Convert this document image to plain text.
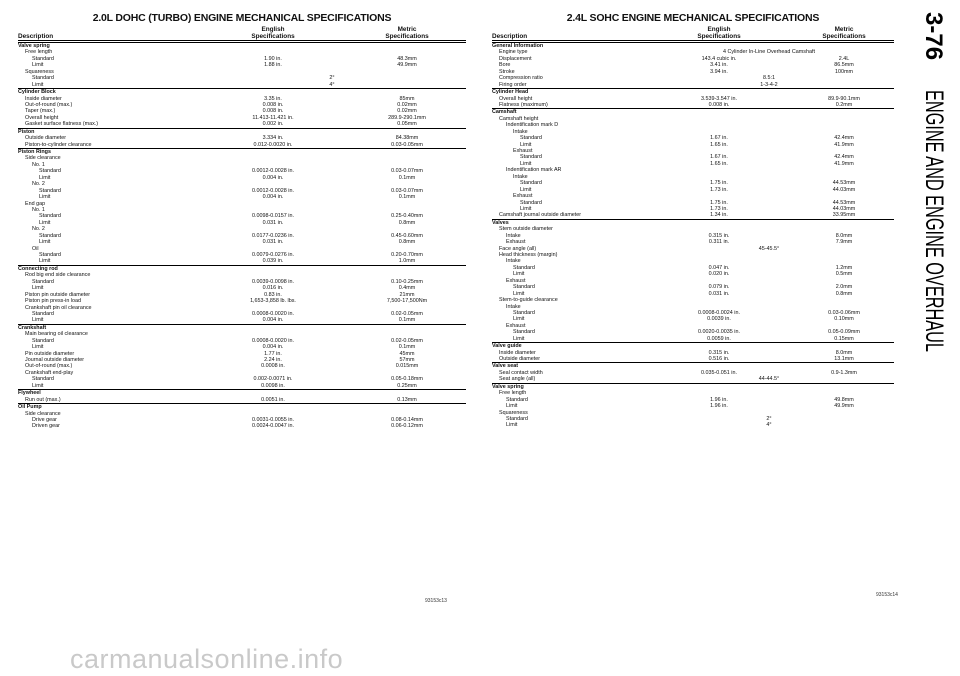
2.0L DOHC (TURBO) ENGINE MECHANICAL SPECIFICATIONS
Description
English
Specifications
Metric
Specifications
Valve spring
Free length
Standard	1.90 in.	48.3mm
Limit	1.88 in.	49.9mm
Squareness
Standard	2°
Limit	4°
Cylinder Block
Inside diameter	3.35 in.	85mm
Out-of-round (max.)	0.008 in.	0.02mm
Taper (max.)	0.008 in.	0.02mm
Overall height	11.413-11.421 in.	289.9-290.1mm
Gasket surface flatness (max.)	0.002 in.	0.05mm
Piston
Outside diameter	3.334 in.	84.38mm
Piston-to-cylinder clearance	0.012-0.0020 in.	0.03-0.05mm
Piston Rings
Side clearance
No. 1
Standard	0.0012-0.0028 in.	0.03-0.07mm
Limit	0.004 in.	0.1mm
No. 2
Standard	0.0012-0.0028 in.	0.03-0.07mm
Limit	0.004 in.	0.1mm
End gap
No. 1
Standard	0.0098-0.0157 in.	0.25-0.40mm
Limit	0.031 in.	0.8mm
No. 2
Standard	0.0177-0.0236 in.	0.45-0.60mm
Limit	0.031 in.	0.8mm
Oil
Standard	0.0079-0.0276 in.	0.20-0.70mm
Limit	0.039 in.	1.0mm
Connecting rod
Rod big end side clearance
Standard	0.0039-0.0098 in.	0.10-0.25mm
Limit	0.016 in.	0.4mm
Piston pin outside diameter	0.83 in.	21mm
Piston pin press-in load	1,653-3,858 lb. lbs.	7,500-17,500Nm
Crankshaft pin oil clearance
Standard	0.0008-0.0020 in.	0.02-0.05mm
Limit	0.004 in.	0.1mm
Crankshaft
Main bearing oil clearance
Standard	0.0008-0.0020 in.	0.02-0.05mm
Limit	0.004 in.	0.1mm
Pin outside diameter	1.77 in.	45mm
Journal outside diameter	2.24 in.	57mm
Out-of-round (max.)	0.0008 in.	0.015mm
Crankshaft end-play
Standard	0.002-0.0071 in.	0.05-0.18mm
Limit	0.0098 in.	0.25mm
Flywheel
Run out (max.)	0.0051 in.	0.13mm
Oil Pump
Side clearance
Drive gear	0.0031-0.0055 in.	0.08-0.14mm
Driven gear	0.0024-0.0047 in.	0.06-0.12mm
93153c13
2.4L SOHC ENGINE MECHANICAL SPECIFICATIONS
Description
English
Specifications
Metric
Specifications
General Information
Engine type	4 Cylinder In-Line Overhead Camshaft
Displacement	143.4 cubic in.	2.4L
Bore	3.41 in.	86.5mm
Stroke	3.94 in.	100mm
Compression ratio	8.5:1
Firing order	1-3-4-2
Cylinder Head
Overall height	3.539-3.547 in.	89.9-90.1mm
Flatness (maximum)	0.008 in.	0.2mm
Camshaft
Camshaft height
Indentification mark D
Intake
Standard	1.67 in.	42.4mm
Limit	1.65 in.	41.9mm
Exhaust
Standard	1.67 in.	42.4mm
Limit	1.65 in.	41.9mm
Indentification mark AR
Intake
Standard	1.75 in.	44.53mm
Limit	1.73 in.	44.03mm
Exhaust
Standard	1.75 in.	44.53mm
Limit	1.73 in.	44.03mm
Camshaft journal outside diameter	1.34 in.	33.95mm
Valves
Stem outside diameter
Intake	0.315 in.	8.0mm
Exhaust	0.311 in.	7.9mm
Face angle (all)	45-45.5°
Head thickness (margin)
Intake
Standard	0.047 in.	1.2mm
Limit	0.020 in.	0.5mm
Exhaust
Standard	0.079 in.	2.0mm
Limit	0.031 in.	0.8mm
Stem-to-guide clearance
Intake
Standard	0.0008-0.0024 in.	0.03-0.06mm
Limit	0.0039 in.	0.10mm
Exhaust
Standard	0.0020-0.0035 in.	0.05-0.09mm
Limit	0.0059 in.	0.15mm
Valve guide
Inside diameter	0.315 in.	8.0mm
Outside diameter	0.516 in.	13.1mm
Valve seat
Seal contact width	0.035-0.051 in.	0.9-1.3mm
Seat angle (all)	44-44.5°
Valve spring
Free length
Standard	1.96 in.	49.8mm
Limit	1.96 in.	49.9mm
Squareness
Standard	2°
Limit	4°
93153c14
3-76
ENGINE AND ENGINE OVERHAUL
carmanualsonline.info
